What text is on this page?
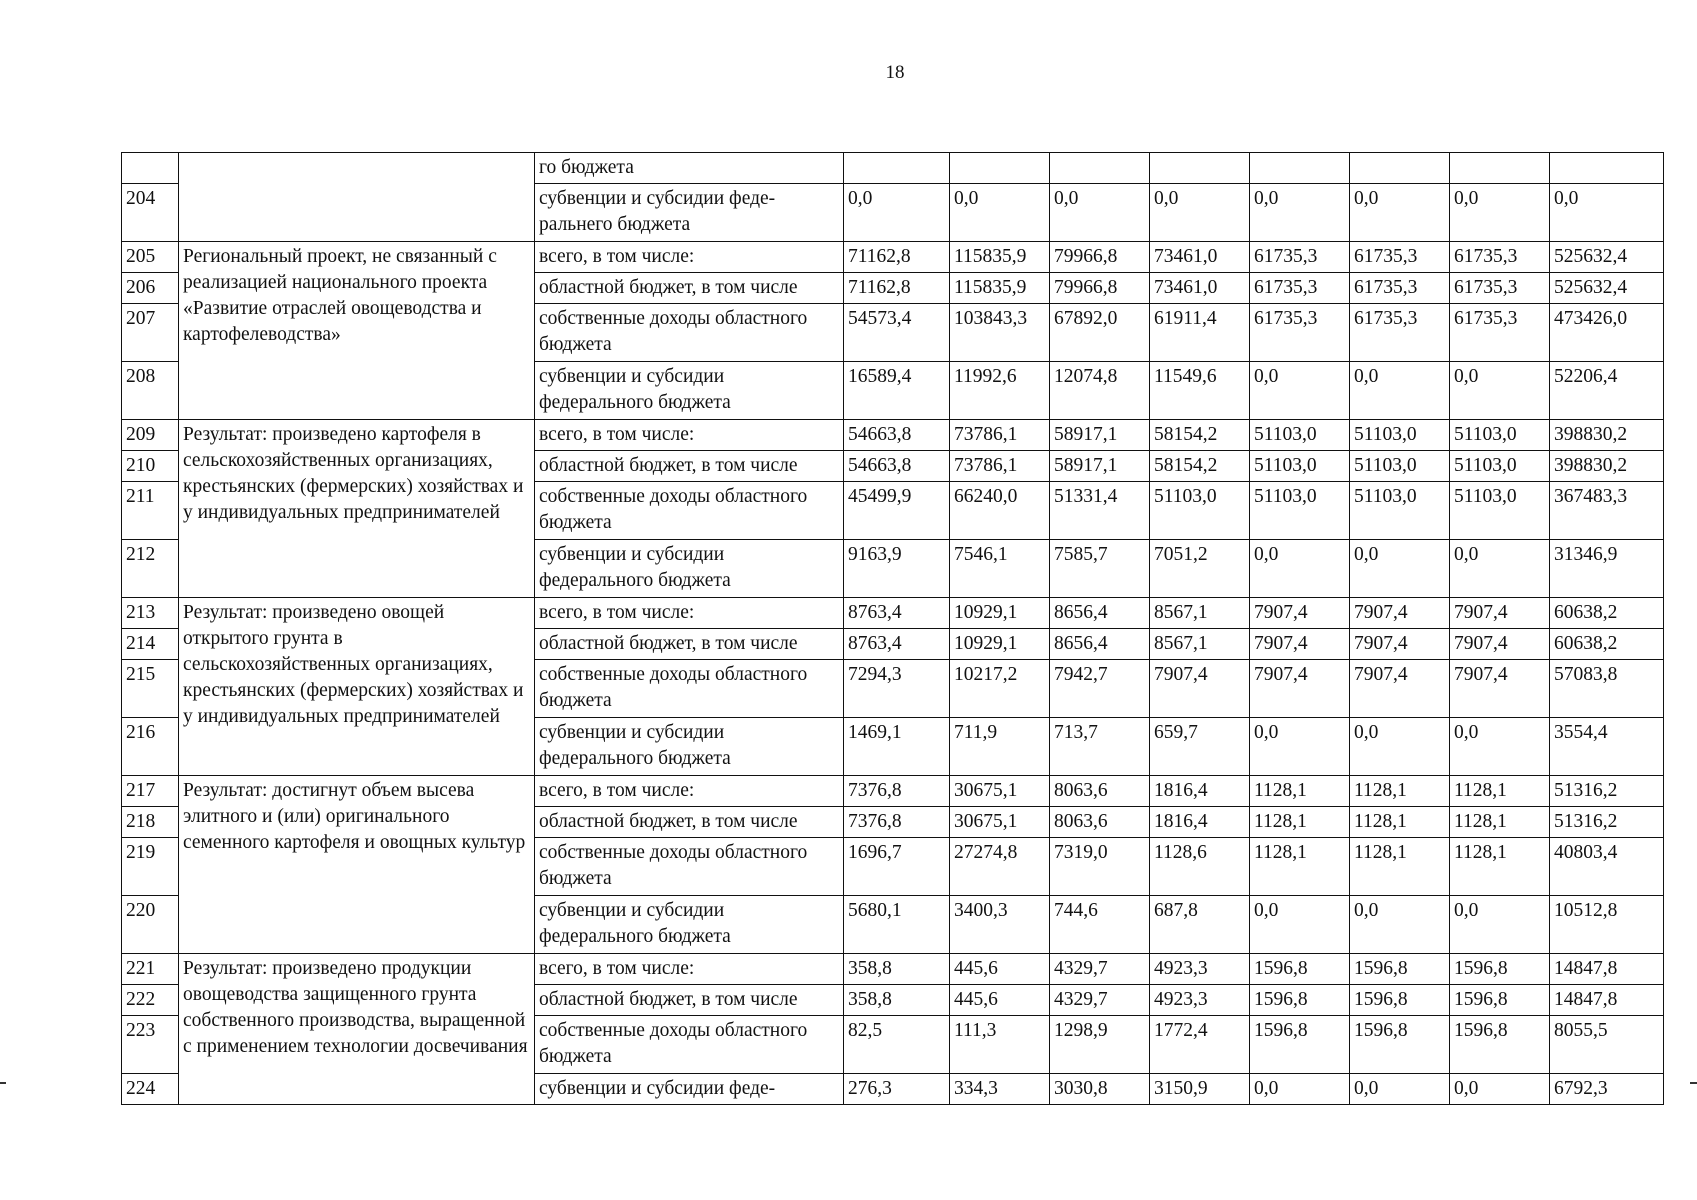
18
		го бюджета								
204		субвенции и субсидии феде-ральнего бюджета	0,0	0,0	0,0	0,0	0,0	0,0	0,0	0,0
205	Региональный проект, не связанный с реализацией национального проекта «Развитие отраслей овощеводства и картофелеводства»	всего, в том числе:	71162,8	115835,9	79966,8	73461,0	61735,3	61735,3	61735,3	525632,4
206		областной бюджет, в том числе	71162,8	115835,9	79966,8	73461,0	61735,3	61735,3	61735,3	525632,4
207		собственные доходы областного бюджета	54573,4	103843,3	67892,0	61911,4	61735,3	61735,3	61735,3	473426,0
208		субвенции и субсидии федерального бюджета	16589,4	11992,6	12074,8	11549,6	0,0	0,0	0,0	52206,4
209	Результат: произведено картофеля в сельскохозяйственных организациях, крестьянских (фермерских) хозяйствах и у индивидуальных предпринимателей	всего, в том числе:	54663,8	73786,1	58917,1	58154,2	51103,0	51103,0	51103,0	398830,2
210		областной бюджет, в том числе	54663,8	73786,1	58917,1	58154,2	51103,0	51103,0	51103,0	398830,2
211		собственные доходы областного бюджета	45499,9	66240,0	51331,4	51103,0	51103,0	51103,0	51103,0	367483,3
212		субвенции и субсидии федерального бюджета	9163,9	7546,1	7585,7	7051,2	0,0	0,0	0,0	31346,9
213	Результат: произведено овощей открытого грунта в сельскохозяйственных организациях, крестьянских (фермерских) хозяйствах и у индивидуальных предпринимателей	всего, в том числе:	8763,4	10929,1	8656,4	8567,1	7907,4	7907,4	7907,4	60638,2
214		областной бюджет, в том числе	8763,4	10929,1	8656,4	8567,1	7907,4	7907,4	7907,4	60638,2
215		собственные доходы областного бюджета	7294,3	10217,2	7942,7	7907,4	7907,4	7907,4	7907,4	57083,8
216		субвенции и субсидии федерального бюджета	1469,1	711,9	713,7	659,7	0,0	0,0	0,0	3554,4
217	Результат: достигнут объем высева элитного и (или) оригинального семенного картофеля и овощных культур	всего, в том числе:	7376,8	30675,1	8063,6	1816,4	1128,1	1128,1	1128,1	51316,2
218		областной бюджет, в том числе	7376,8	30675,1	8063,6	1816,4	1128,1	1128,1	1128,1	51316,2
219		собственные доходы областного бюджета	1696,7	27274,8	7319,0	1128,6	1128,1	1128,1	1128,1	40803,4
220		субвенции и субсидии федерального бюджета	5680,1	3400,3	744,6	687,8	0,0	0,0	0,0	10512,8
221	Результат: произведено продукции овощеводства защищенного грунта собственного производства, выращенной с применением технологии досвечивания	всего, в том числе:	358,8	445,6	4329,7	4923,3	1596,8	1596,8	1596,8	14847,8
222		областной бюджет, в том числе	358,8	445,6	4329,7	4923,3	1596,8	1596,8	1596,8	14847,8
223		собственные доходы областного бюджета	82,5	111,3	1298,9	1772,4	1596,8	1596,8	1596,8	8055,5
224		субвенции и субсидии феде-	276,3	334,3	3030,8	3150,9	0,0	0,0	0,0	6792,3
